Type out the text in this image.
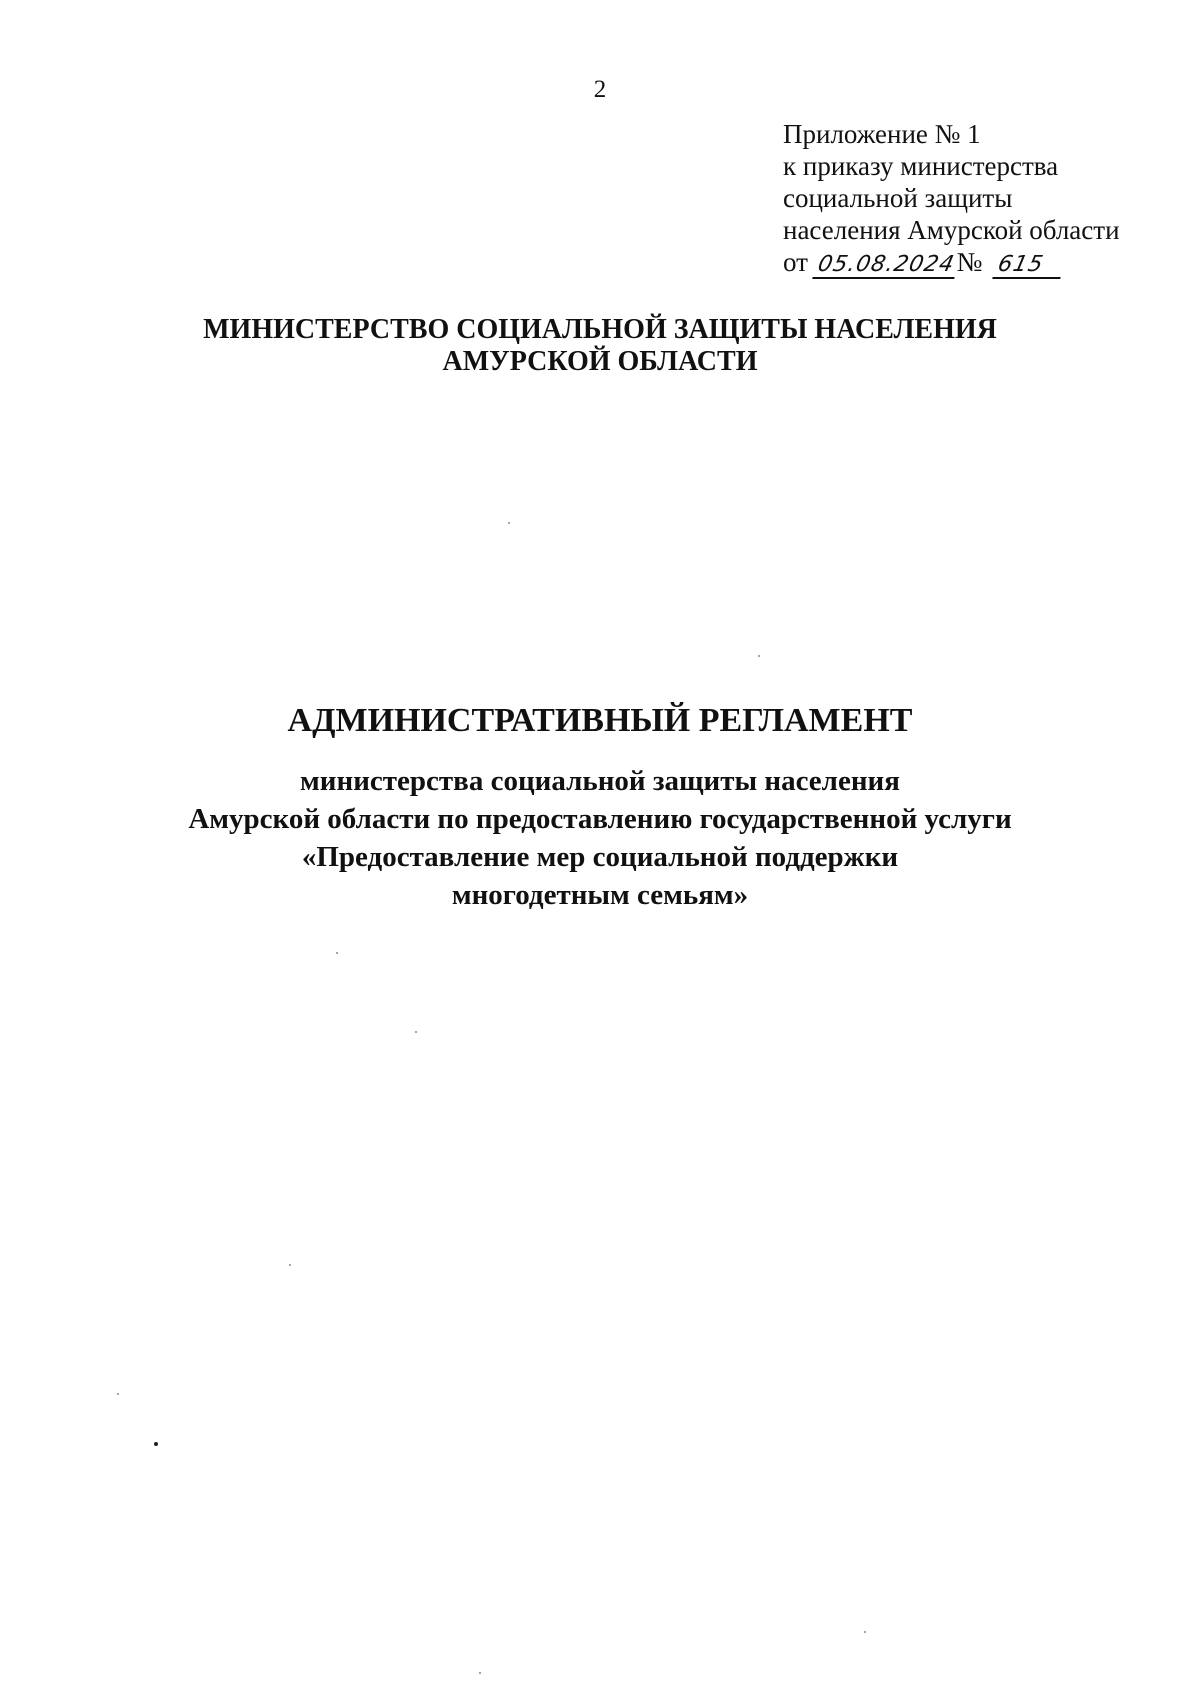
2
Приложение № 1
к приказу министерства
социальной защиты
населения Амурской области
от 05.08.2024№ 615
МИНИСТЕРСТВО СОЦИАЛЬНОЙ ЗАЩИТЫ НАСЕЛЕНИЯ
АМУРСКОЙ ОБЛАСТИ
АДМИНИСТРАТИВНЫЙ РЕГЛАМЕНТ
министерства социальной защиты населения
Амурской области по предоставлению государственной услуги
«Предоставление мер социальной поддержки
многодетным семьям»
